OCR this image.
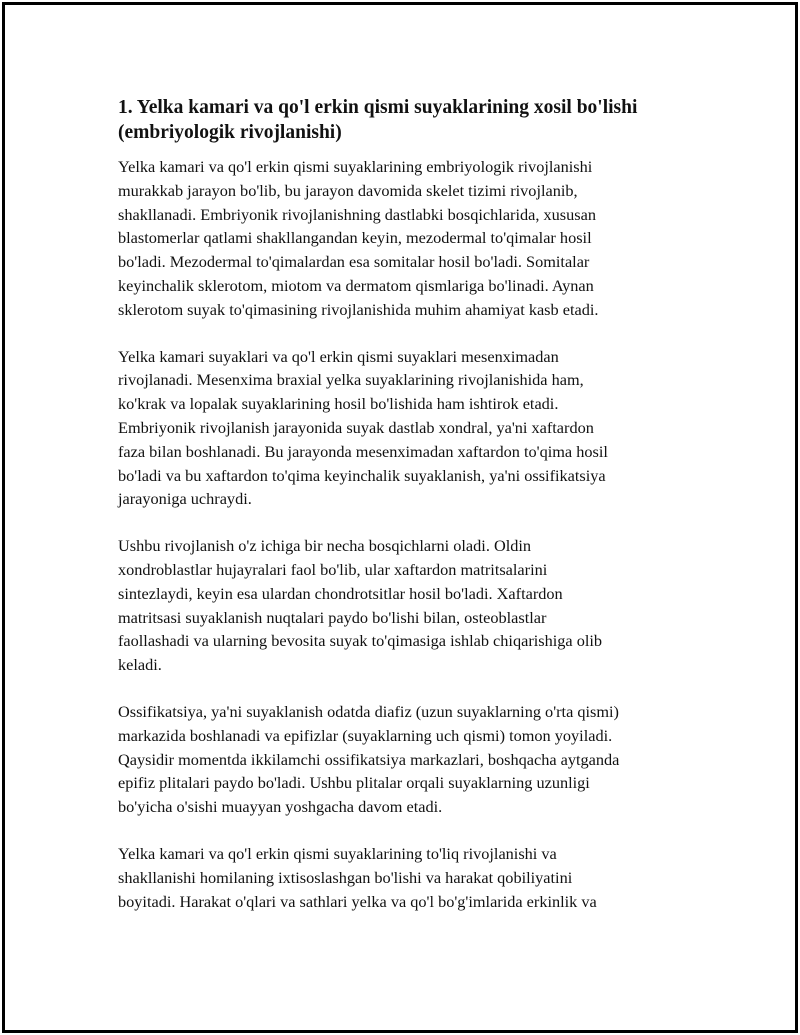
1. Yelka kamari va qo'l erkin qismi suyaklarining xosil bo'lishi
(embriyologik rivojlanishi)

Yelka kamari va qo'l erkin qismi suyaklarining embriyologik rivojlanishi
murakkab jarayon bo'lib, bu jarayon davomida skelet tizimi rivojlanib,
shakllanadi. Embriyonik rivojlanishning dastlabki bosqichlarida, xususan
blastomerlar qatlami shakllangandan keyin, mezodermal to'qimalar hosil
bo'ladi. Mezodermal to'qimalardan esa somitalar hosil bo'ladi. Somitalar
keyinchalik sklerotom, miotom va dermatom qismlariga bo'linadi. Aynan
sklerotom suyak to'qimasining rivojlanishida muhim ahamiyat kasb etadi.

Yelka kamari suyaklari va qo'l erkin qismi suyaklari mesenximadan
rivojlanadi. Mesenxima braxial yelka suyaklarining rivojlanishida ham,
ko'krak va lopalak suyaklarining hosil bo'lishida ham ishtirok etadi.
Embriyonik rivojlanish jarayonida suyak dastlab xondral, ya'ni xaftardon
faza bilan boshlanadi. Bu jarayonda mesenximadan xaftardon to'qima hosil
bo'ladi va bu xaftardon to'qima keyinchalik suyaklanish, ya'ni ossifikatsiya
jarayoniga uchraydi.

Ushbu rivojlanish o'z ichiga bir necha bosqichlarni oladi. Oldin
xondroblastlar hujayralari faol bo'lib, ular xaftardon matritsalarini
sintezlaydi, keyin esa ulardan chondrotsitlar hosil bo'ladi. Xaftardon
matritsasi suyaklanish nuqtalari paydo bo'lishi bilan, osteoblastlar
faollashadi va ularning bevosita suyak to'qimasiga ishlab chiqarishiga olib
keladi.

Ossifikatsiya, ya'ni suyaklanish odatda diafiz (uzun suyaklarning o'rta qismi)
markazida boshlanadi va epifizlar (suyaklarning uch qismi) tomon yoyiladi.
Qaysidir momentda ikkilamchi ossifikatsiya markazlari, boshqacha aytganda
epifiz plitalari paydo bo'ladi. Ushbu plitalar orqali suyaklarning uzunligi
bo'yicha o'sishi muayyan yoshgacha davom etadi.

Yelka kamari va qo'l erkin qismi suyaklarining to'liq rivojlanishi va
shakllanishi homilaning ixtisoslashgan bo'lishi va harakat qobiliyatini
boyitadi. Harakat o'qlari va sathlari yelka va qo'l bo'g'imlarida erkinlik va
